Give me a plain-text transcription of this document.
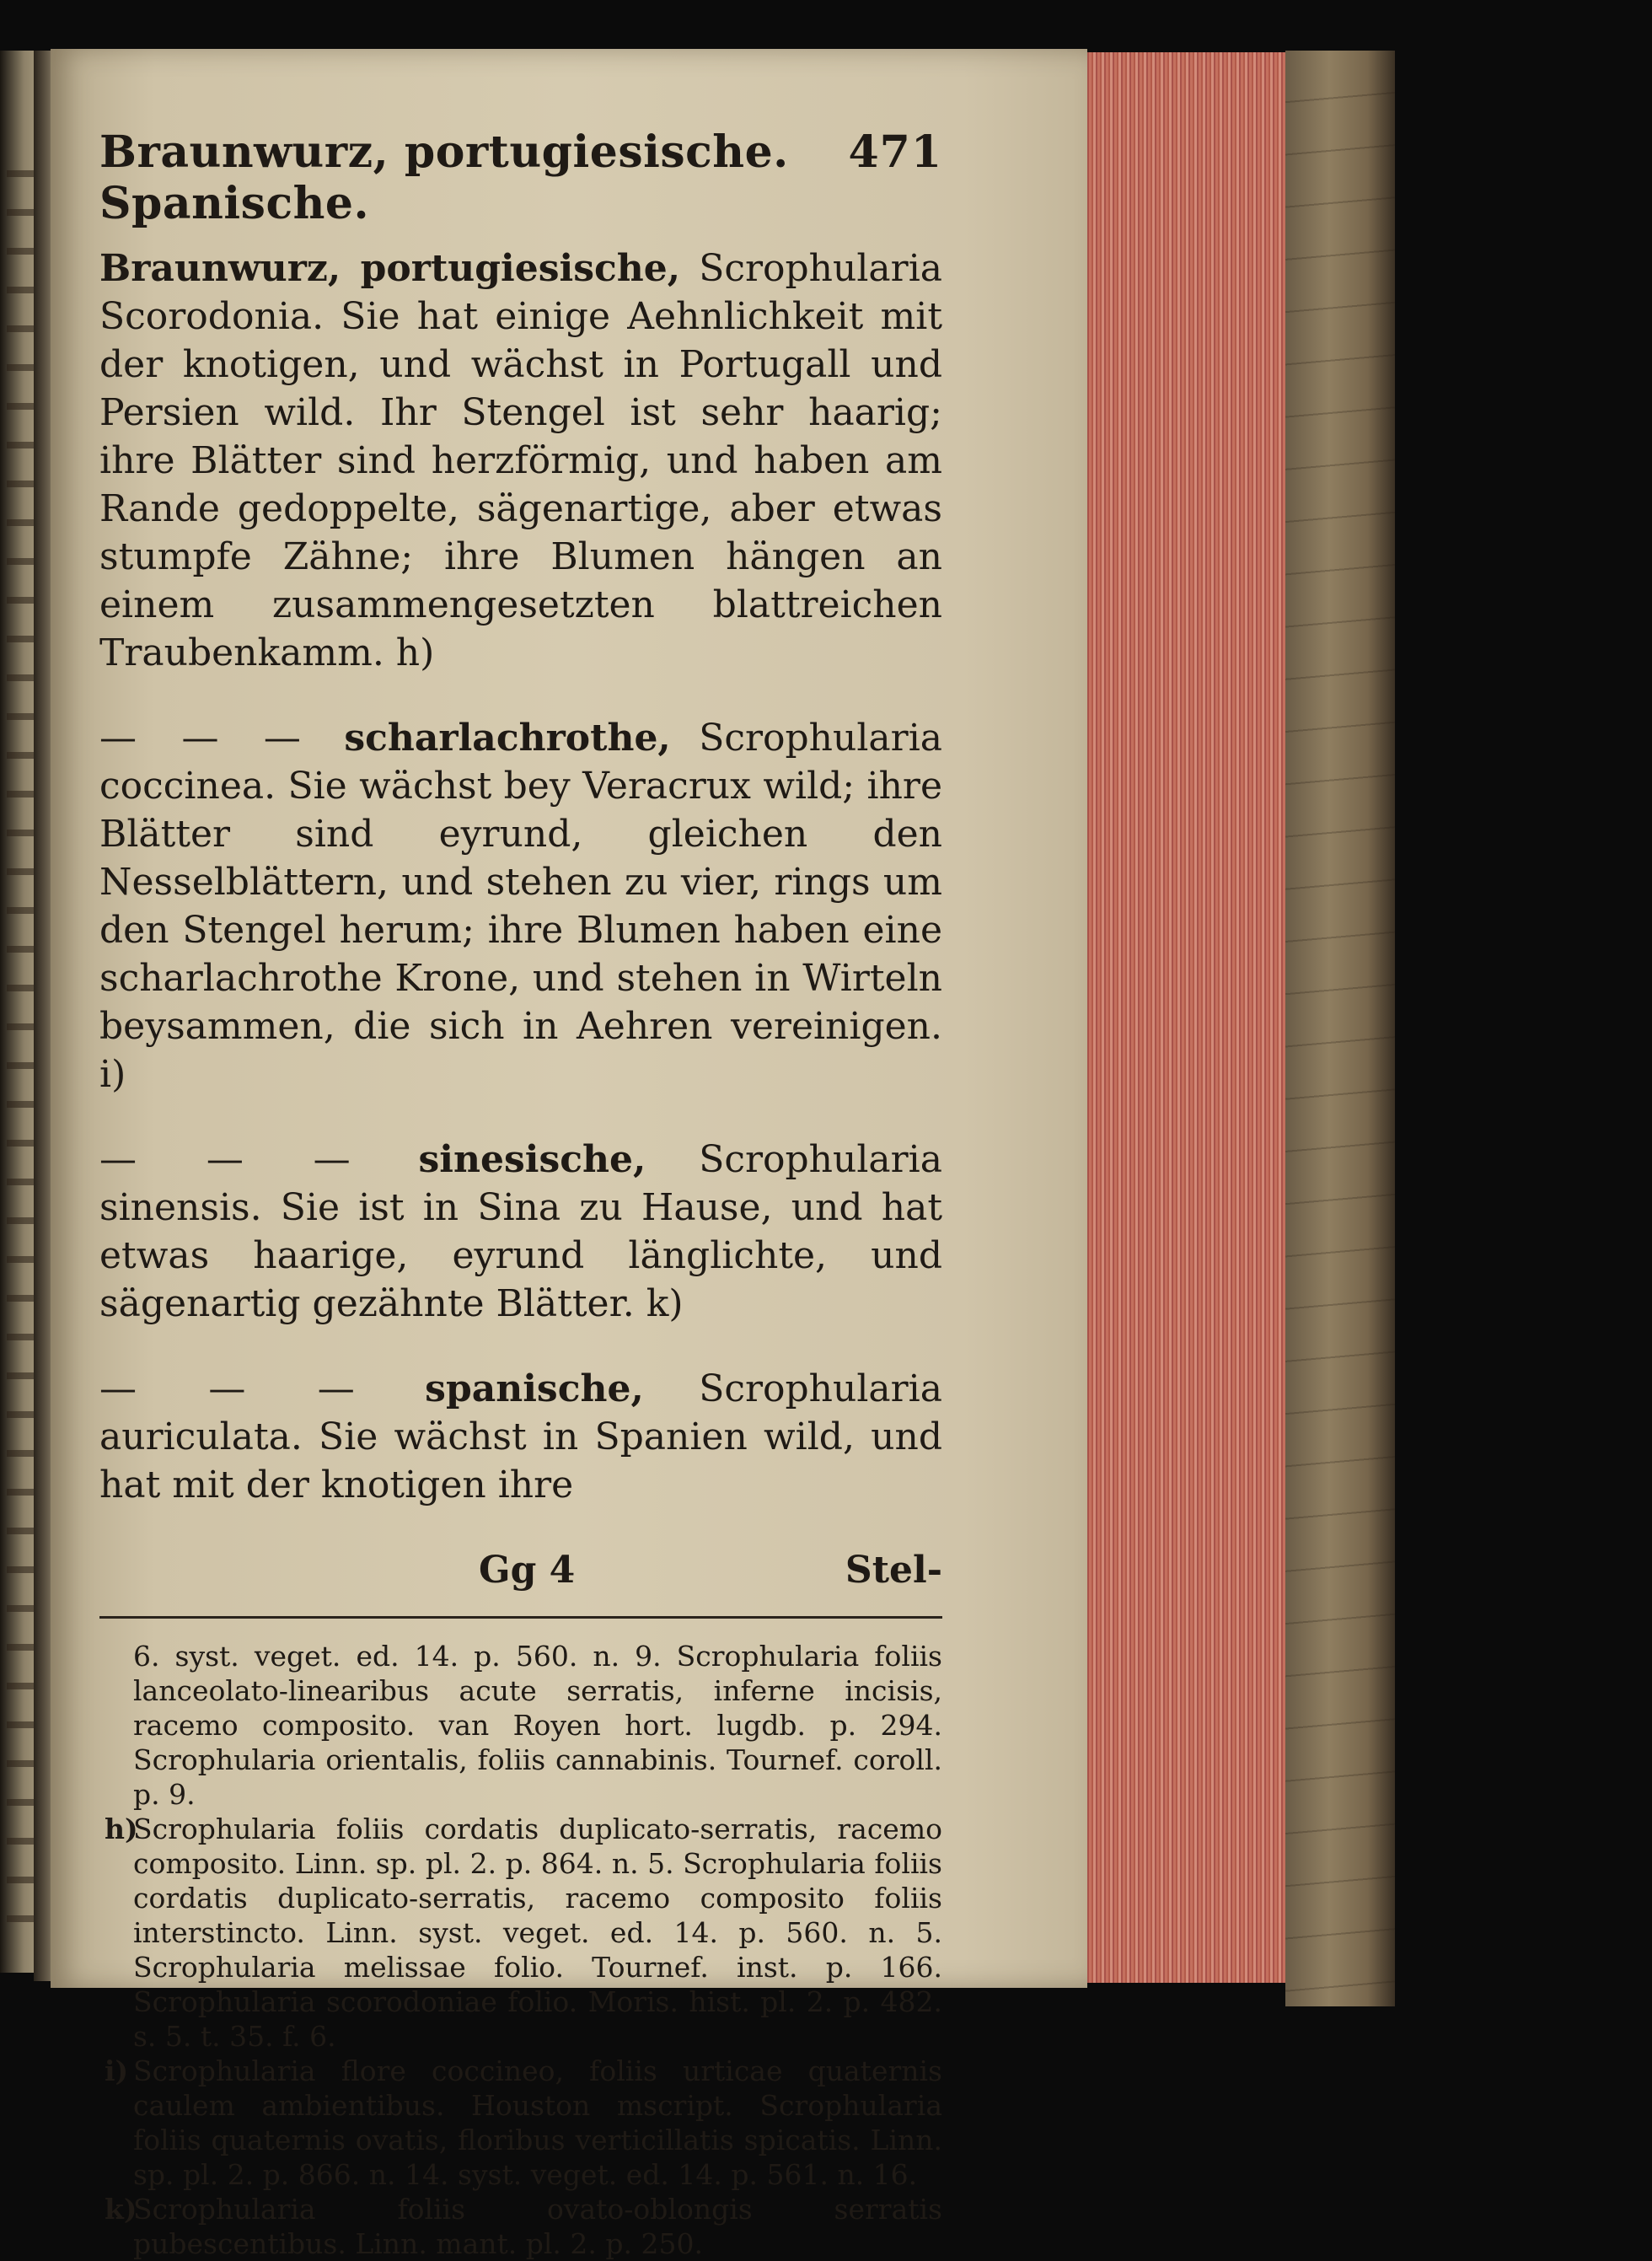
Braunwurz, portugiesische. Spanische.
471

Braunwurz, portugiesische, Scrophularia Scorodonia. Sie hat einige Aehnlichkeit mit der knotigen, und wächst in Portugall und Persien wild. Ihr Stengel ist sehr haarig; ihre Blätter sind herzförmig, und haben am Rande gedoppelte, sägenartige, aber etwas stumpfe Zähne; ihre Blumen hängen an einem zusammengesetzten blattreichen Traubenkamm. h)

— — — scharlachrothe, Scrophularia coccinea. Sie wächst bey Veracrux wild; ihre Blätter sind eyrund, gleichen den Nesselblättern, und stehen zu vier, rings um den Stengel herum; ihre Blumen haben eine scharlachrothe Krone, und stehen in Wirteln beysammen, die sich in Aehren vereinigen. i)

— — — sinesische, Scrophularia sinensis. Sie ist in Sina zu Hause, und hat etwas haarige, eyrund länglichte, und sägenartig gezähnte Blätter. k)

— — — spanische, Scrophularia auriculata. Sie wächst in Spanien wild, und hat mit der knotigen ihre

Gg 4	Stel-

6. syst. veget. ed. 14. p. 560. n. 9. Scrophularia foliis lanceolato-linearibus acute serratis, inferne incisis, racemo composito. van Royen hort. lugdb. p. 294. Scrophularia orientalis, foliis cannabinis. Tournef. coroll. p. 9.

h)Scrophularia foliis cordatis duplicato-serratis, racemo composito. Linn. sp. pl. 2. p. 864. n. 5. Scrophularia foliis cordatis duplicato-serratis, racemo composito foliis interstincto. Linn. syst. veget. ed. 14. p. 560. n. 5. Scrophularia melissae folio. Tournef. inst. p. 166. Scrophularia scorodoniae folio. Moris. hist. pl. 2. p. 482. s. 5. t. 35. f. 6.

i) Scrophularia flore coccineo, foliis urticae quaternis caulem ambientibus. Houston mscript. Scrophularia foliis quaternis ovatis, floribus verticillatis spicatis. Linn. sp. pl. 2. p. 866. n. 14. syst. veget. ed. 14. p. 561. n. 16.

k)Scrophularia foliis ovato-oblongis serratis pubescentibus. Linn. mant. pl. 2. p. 250.
